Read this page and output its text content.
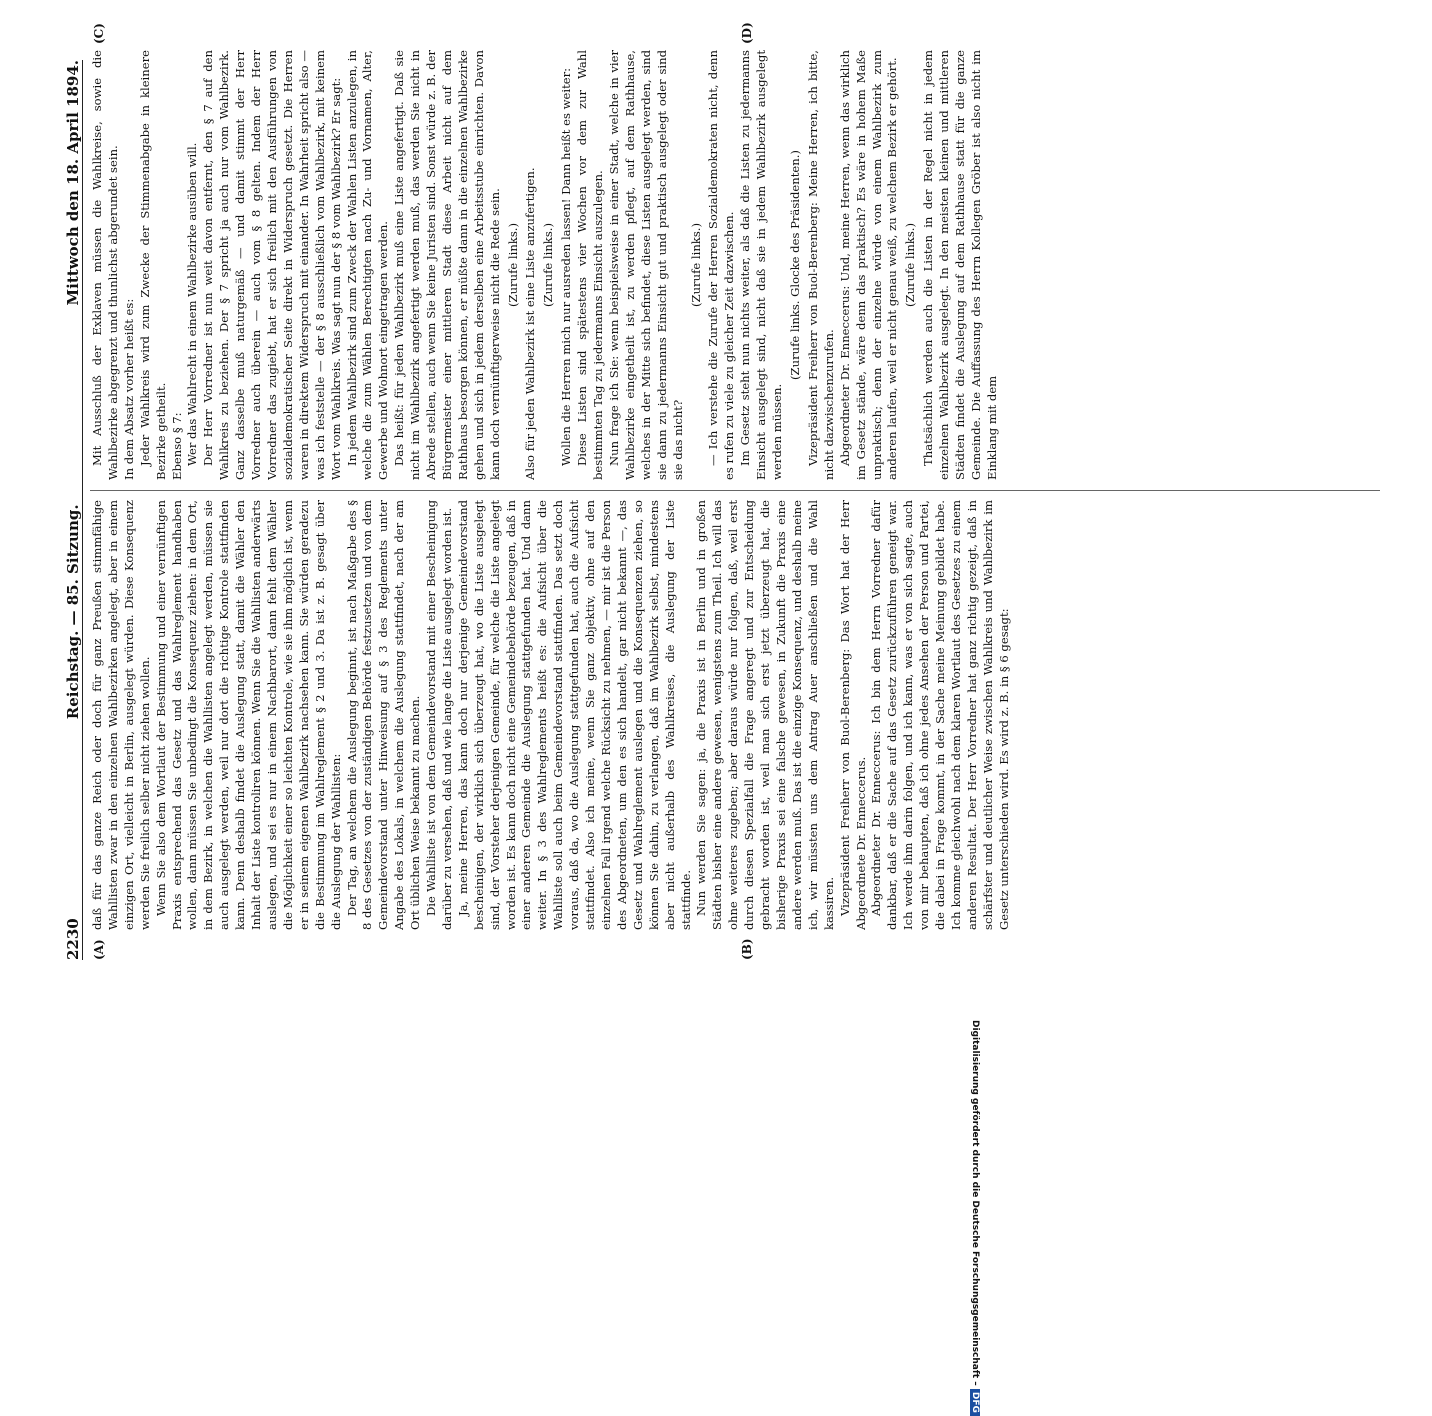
2230
Reichstag. — 85. Sitzung.
Mittwoch den 18. April 1894.
(A)	(B)
(C)	(D)

daß für das ganze Reich oder doch für ganz Preußen stimmfähige Wahllisten zwar in den einzelnen Wahlbezirken angelegt, aber in einem einzigen Ort, vielleicht in Berlin, ausgelegt würden. Diese Konsequenz werden Sie freilich selber nicht ziehen wollen. Wenn Sie also dem Wortlaut der Bestimmung und einer vernünftigen Praxis entsprechend das Gesetz und das Wahlreglement handhaben wollen, dann müssen Sie unbedingt die Konsequenz ziehen: in dem Ort, in dem Bezirk, in welchen die Wahllisten angelegt werden, müssen sie auch ausgelegt werden, weil nur dort die richtige Kontrole stattfinden kann. Denn deshalb findet die Auslegung statt, damit die Wähler den Inhalt der Liste kontroliren können. Wenn Sie die Wahllisten anderwärts auslegen, und sei es nur in einem Nachbarort, dann fehlt dem Wähler die Möglichkeit einer so leichten Kontrole, wie sie ihm möglich ist, wenn er in seinem eigenen Wahlbezirk nachsehen kann. Sie würden geradezu die Bestimmung im Wahlreglement § 2 und 3. Da ist z. B. gesagt über die Auslegung der Wahllisten: Der Tag, an welchem die Auslegung beginnt, ist nach Maßgabe des § 8 des Gesetzes von der zuständigen Behörde festzusetzen und von dem Gemeindevorstand unter Hinweisung auf § 3 des Reglements unter Angabe des Lokals, in welchem die Auslegung stattfindet, nach der am Ort üblichen Weise bekannt zu machen. Die Wahlliste ist von dem Gemeindevorstand mit einer Bescheinigung darüber zu versehen, daß und wie lange die Liste ausgelegt worden ist. Ja, meine Herren, das kann doch nur derjenige Gemeindevorstand bescheinigen, der wirklich sich überzeugt hat, wo die Liste ausgelegt sind, der Vorsteher derjenigen Gemeinde, für welche die Liste angelegt worden ist. Es kann doch nicht eine Gemeindebehörde bezeugen, daß in einer anderen Gemeinde die Auslegung stattgefunden hat. Und dann weiter. In § 3 des Wahlreglements heißt es: die Aufsicht über die Wahlliste soll auch beim Gemeindevorstand stattfinden. Das setzt doch voraus, daß da, wo die Auslegung stattgefunden hat, auch die Aufsicht stattfindet. Also ich meine, wenn Sie ganz objektiv, ohne auf den einzelnen Fall irgend welche Rücksicht zu nehmen, — mir ist die Person des Abgeordneten, um den es sich handelt, gar nicht bekannt —, das Gesetz und Wahlreglement auslegen und die Konsequenzen ziehen, so können Sie dahin, zu verlangen, daß im Wahlbezirk selbst, mindestens aber nicht außerhalb des Wahlkreises, die Auslegung der Liste stattfinde. Nun werden Sie sagen: ja, die Praxis ist in Berlin und in großen Städten bisher eine andere gewesen, wenigstens zum Theil. Ich will das ohne weiteres zugeben; aber daraus würde nur folgen, daß, weil erst durch diesen Spezialfall die Frage angeregt und zur Entscheidung gebracht worden ist, weil man sich erst jetzt überzeugt hat, die bisherige Praxis sei eine falsche gewesen, in Zukunft die Praxis eine andere werden muß. Das ist die einzige Konsequenz, und deshalb meine ich, wir müssten uns dem Antrag Auer anschließen und die Wahl kassiren. Vizepräsident Freiherr von Buol-Berenberg: Das Wort hat der Herr Abgeordnete Dr. Enneccerus. Abgeordneter Dr. Enneccerus: Ich bin dem Herrn Vorredner dafür dankbar, daß er die Sache auf das Gesetz zurückzuführen geneigt war. Ich werde ihm darin folgen, und ich kann, was er von sich sagte, auch von mir behaupten, daß ich ohne jedes Ansehen der Person und Partei, die dabei in Frage kommt, in der Sache meine Meinung gebildet habe. Ich komme gleichwohl nach dem klaren Wortlaut des Gesetzes zu einem anderen Resultat. Der Herr Vorredner hat ganz richtig gezeigt, daß in schärfster und deutlicher Weise zwischen Wahlkreis und Wahlbezirk im Gesetz unterschieden wird. Es wird z. B. in § 6 gesagt:

Mit Ausschluß der Exklaven müssen die Wahlkreise, sowie die Wahlbezirke abgegrenzt und thunlichst abgerundet sein. In dem Absatz vorher heißt es: Jeder Wahlkreis wird zum Zwecke der Stimmenabgabe in kleinere Bezirke getheilt. Ebenso § 7: Wer das Wahlrecht in einem Wahlbezirke ausüben will. Der Herr Vorredner ist nun weit davon entfernt, den § 7 auf den Wahlkreis zu beziehen. Der § 7 spricht ja auch nur vom Wahlbezirk. Ganz dasselbe muß naturgemäß — und damit stimmt der Herr Vorredner auch überein — auch vom § 8 gelten. Indem der Herr Vorredner das zugiebt, hat er sich freilich mit den Ausführungen von sozialdemokratischer Seite direkt in Widerspruch gesetzt. Die Herren waren in direktem Widerspruch mit einander. In Wahrheit spricht also — was ich feststelle — der § 8 ausschließlich vom Wahlbezirk, mit keinem Wort vom Wahlkreis. Was sagt nun der § 8 vom Wahlbezirk? Er sagt: In jedem Wahlbezirk sind zum Zweck der Wahlen Listen anzulegen, in welche die zum Wählen Berechtigten nach Zu- und Vornamen, Alter, Gewerbe und Wohnort eingetragen werden. Das heißt: für jeden Wahlbezirk muß eine Liste angefertigt. Daß sie nicht im Wahlbezirk angefertigt werden muß, das werden Sie nicht in Abrede stellen, auch wenn Sie keine Juristen sind. Sonst würde z. B. der Bürgermeister einer mittleren Stadt diese Arbeit nicht auf dem Rathhaus besorgen können, er müßte dann in die einzelnen Wahlbezirke gehen und sich in jedem derselben eine Arbeitsstube einrichten. Davon kann doch vernünftigerweise nicht die Rede sein. (Zurufe links.) Also für jeden Wahlbezirk ist eine Liste anzufertigen. (Zurufe links.) Wollen die Herren mich nur ausreden lassen! Dann heißt es weiter: Diese Listen sind spätestens vier Wochen vor dem zur Wahl bestimmten Tag zu jedermanns Einsicht auszulegen. Nun frage ich Sie: wenn beispielsweise in einer Stadt, welche in vier Wahlbezirke eingetheilt ist, zu werden pflegt, auf dem Rathhause, welches in der Mitte sich befindet, diese Listen ausgelegt werden, sind sie dann zu jedermanns Einsicht gut und praktisch ausgelegt oder sind sie das nicht?

(Zurufe links.) — Ich verstehe die Zurufe der Herren Sozialdemokraten nicht, denn es rufen zu viele zu gleicher Zeit dazwischen. Im Gesetz steht nun nichts weiter, als daß die Listen zu jedermanns Einsicht ausgelegt sind, nicht daß sie in jedem Wahlbezirk ausgelegt werden müssen.

(Zurufe links. Glocke des Präsidenten.) Vizepräsident Freiherr von Buol-Berenberg: Meine Herren, ich bitte, nicht dazwischenzurufen. Abgeordneter Dr. Enneccerus: Und, meine Herren, wenn das wirklich im Gesetz stände, wäre denn das praktisch? Es wäre in hohem Maße unpraktisch; denn der einzelne würde von einem Wahlbezirk zum anderen laufen, weil er nicht genau weiß, zu welchem Bezirk er gehört. (Zurufe links.) Thatsächlich werden auch die Listen in der Regel nicht in jedem einzelnen Wahlbezirk ausgelegt. In den meisten kleinen und mittleren Städten findet die Auslegung auf dem Rathhause statt für die ganze Gemeinde. Die Auffassung des Herrn Kollegen Gröber ist also nicht im Einklang mit dem

Digitalisierung gefördert durch die Deutsche Forschungsgemeinschaft – DFG
